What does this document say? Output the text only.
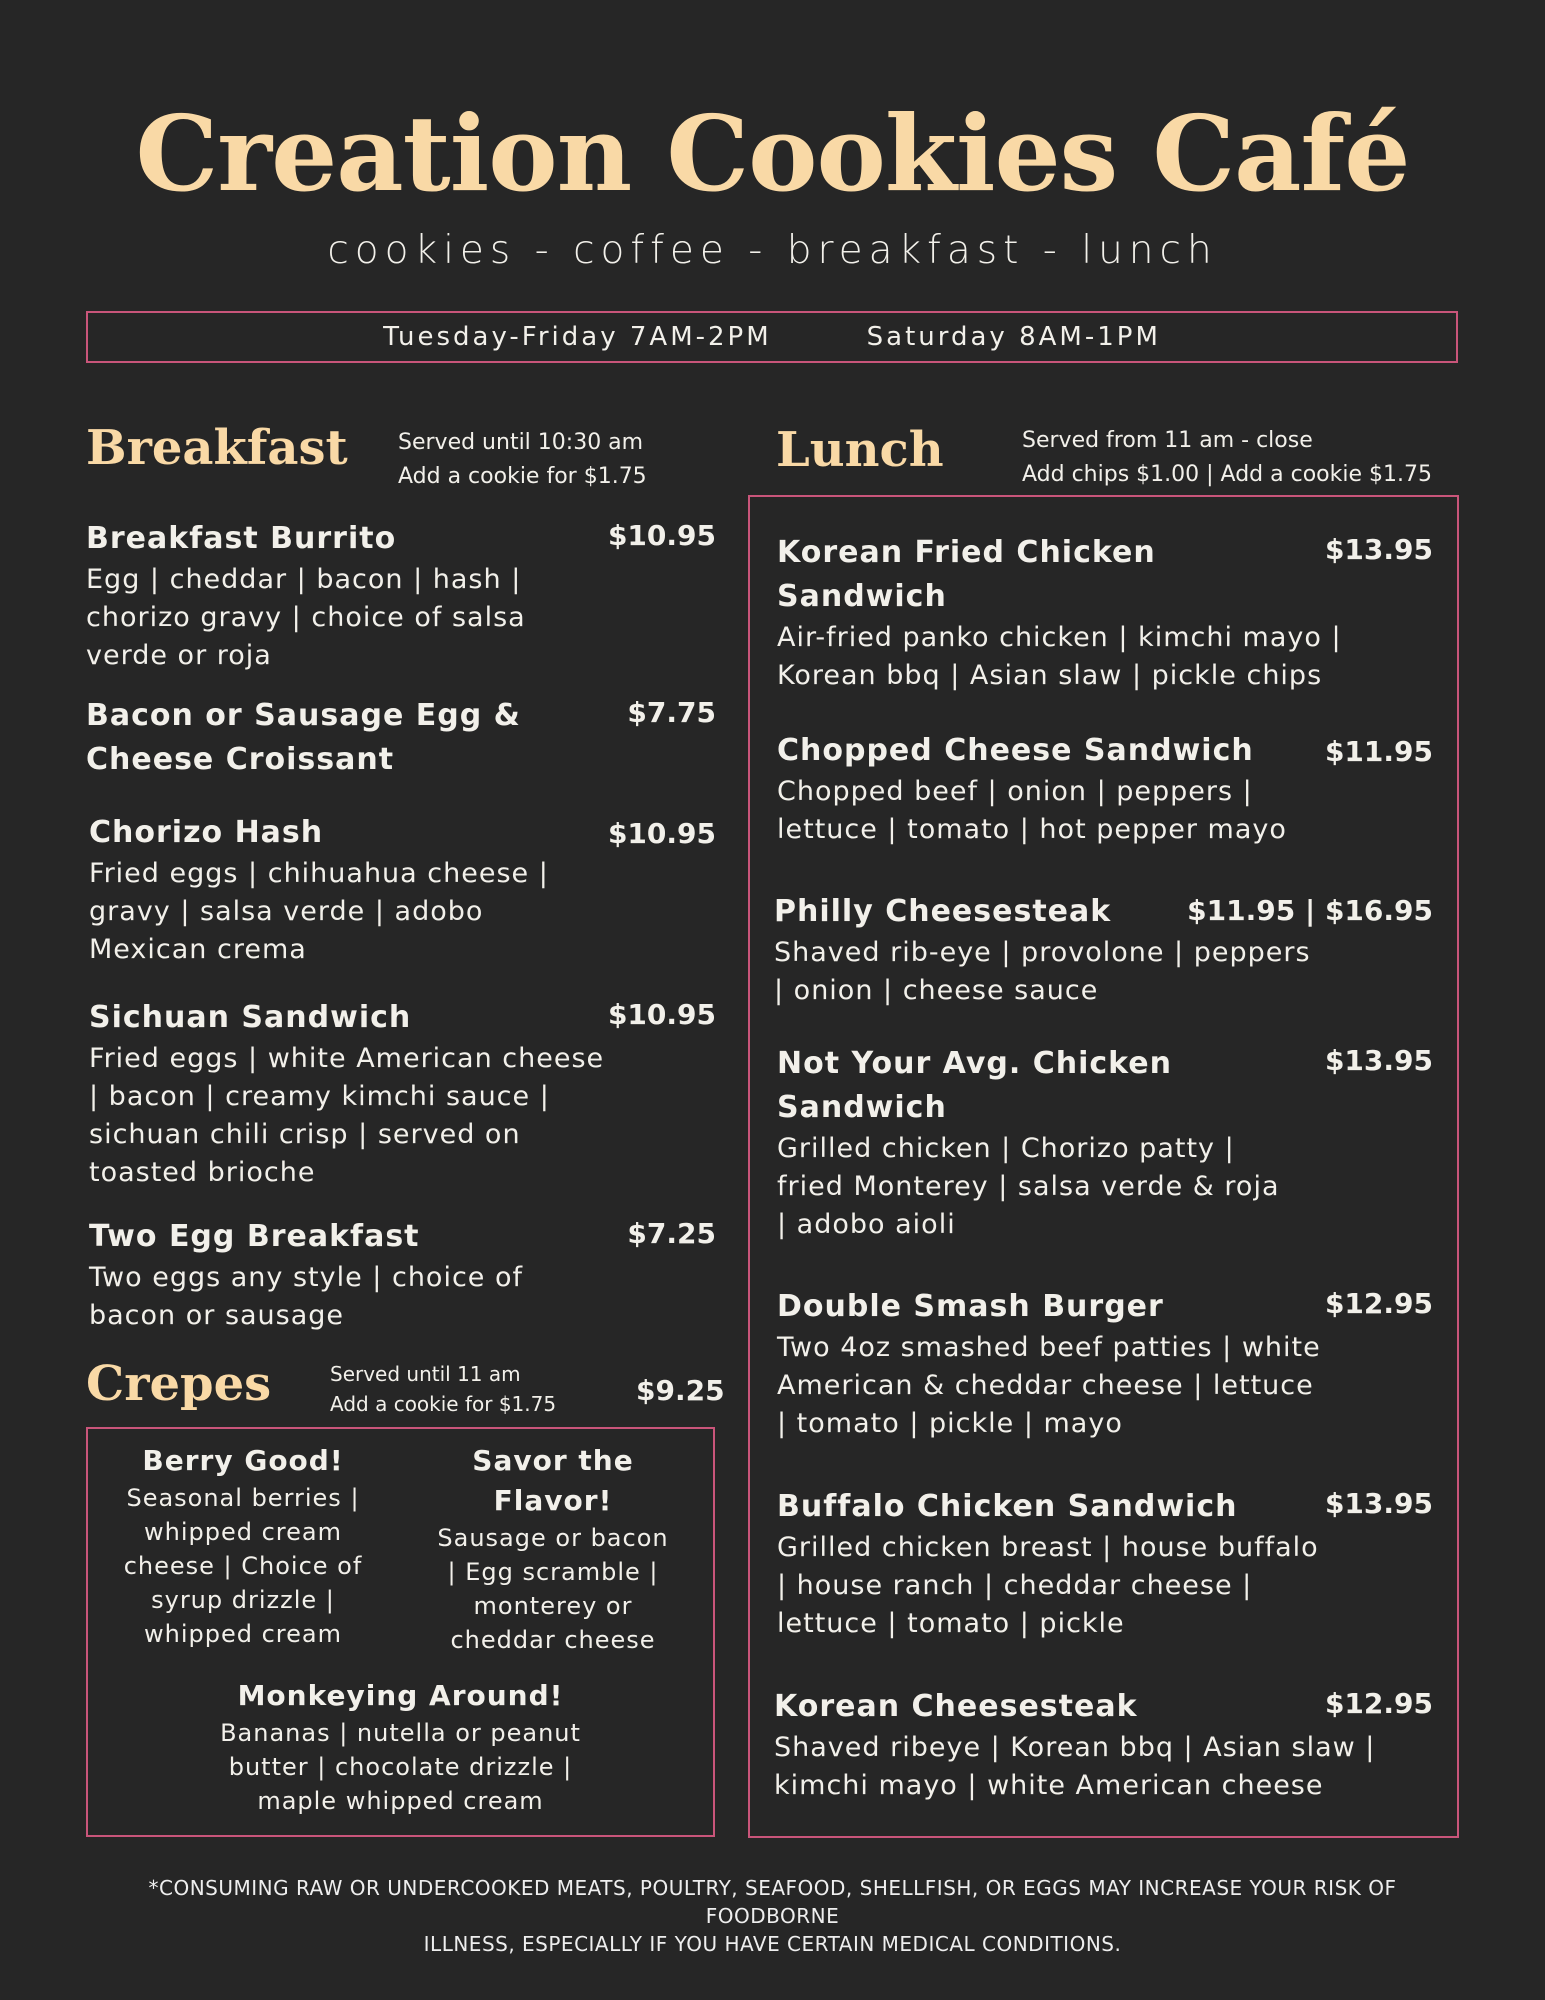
Creation Cookies Café

cookies - coffee - breakfast - lunch

Tuesday-Friday 7AM-2PM	Saturday 8AM-1PM
Breakfast Served until 10:30 am
Add a cookie for $1.75
Breakfast Burrito	$10.95
Egg | cheddar | bacon | hash |
chorizo gravy | choice of salsa
verde or roja
Bacon or Sausage Egg &
Cheese Croissant
$7.75
Chorizo Hash	$10.95
Fried eggs | chihuahua cheese |
gravy | salsa verde | adobo
Mexican crema
Sichuan Sandwich	$10.95
Fried eggs | white American cheese
| bacon | creamy kimchi sauce |
sichuan chili crisp | served on
toasted brioche
Two Egg Breakfast	$7.25
Two eggs any style | choice of
bacon or sausage
Crepes	Served until 11 am
Add a cookie for $1.75	$9.25
Berry Good!
Seasonal berries |
whipped cream
cheese | Choice of
syrup drizzle |
whipped cream
Savor the
Flavor!
Sausage or bacon
| Egg scramble |
monterey or
cheddar cheese
Monkeying Around!
Bananas | nutella or peanut
butter | chocolate drizzle |
maple whipped cream
Lunch	Served from 11 am - close
Add chips $1.00 | Add a cookie $1.75
Korean Fried Chicken
Sandwich
$13.95
Air-fried panko chicken | kimchi mayo |
Korean bbq | Asian slaw | pickle chips
Chopped Cheese Sandwich	$11.95
Chopped beef | onion | peppers |
lettuce | tomato | hot pepper mayo
Philly Cheesesteak	$11.95 | $16.95
Shaved rib-eye | provolone | peppers
| onion | cheese sauce
Not Your Avg. Chicken
Sandwich
$13.95
Grilled chicken | Chorizo patty |
fried Monterey | salsa verde & roja
| adobo aioli
Double Smash Burger	$12.95
Two 4oz smashed beef patties | white
American & cheddar cheese | lettuce
| tomato | pickle | mayo
Buffalo Chicken Sandwich	$13.95
Grilled chicken breast | house buffalo
| house ranch | cheddar cheese |
lettuce | tomato | pickle
Korean Cheesesteak	$12.95
Shaved ribeye | Korean bbq | Asian slaw |
kimchi mayo | white American cheese
*CONSUMING RAW OR UNDERCOOKED MEATS, POULTRY, SEAFOOD, SHELLFISH, OR EGGS MAY INCREASE YOUR RISK OF FOODBORNE
ILLNESS, ESPECIALLY IF YOU HAVE CERTAIN MEDICAL CONDITIONS.
